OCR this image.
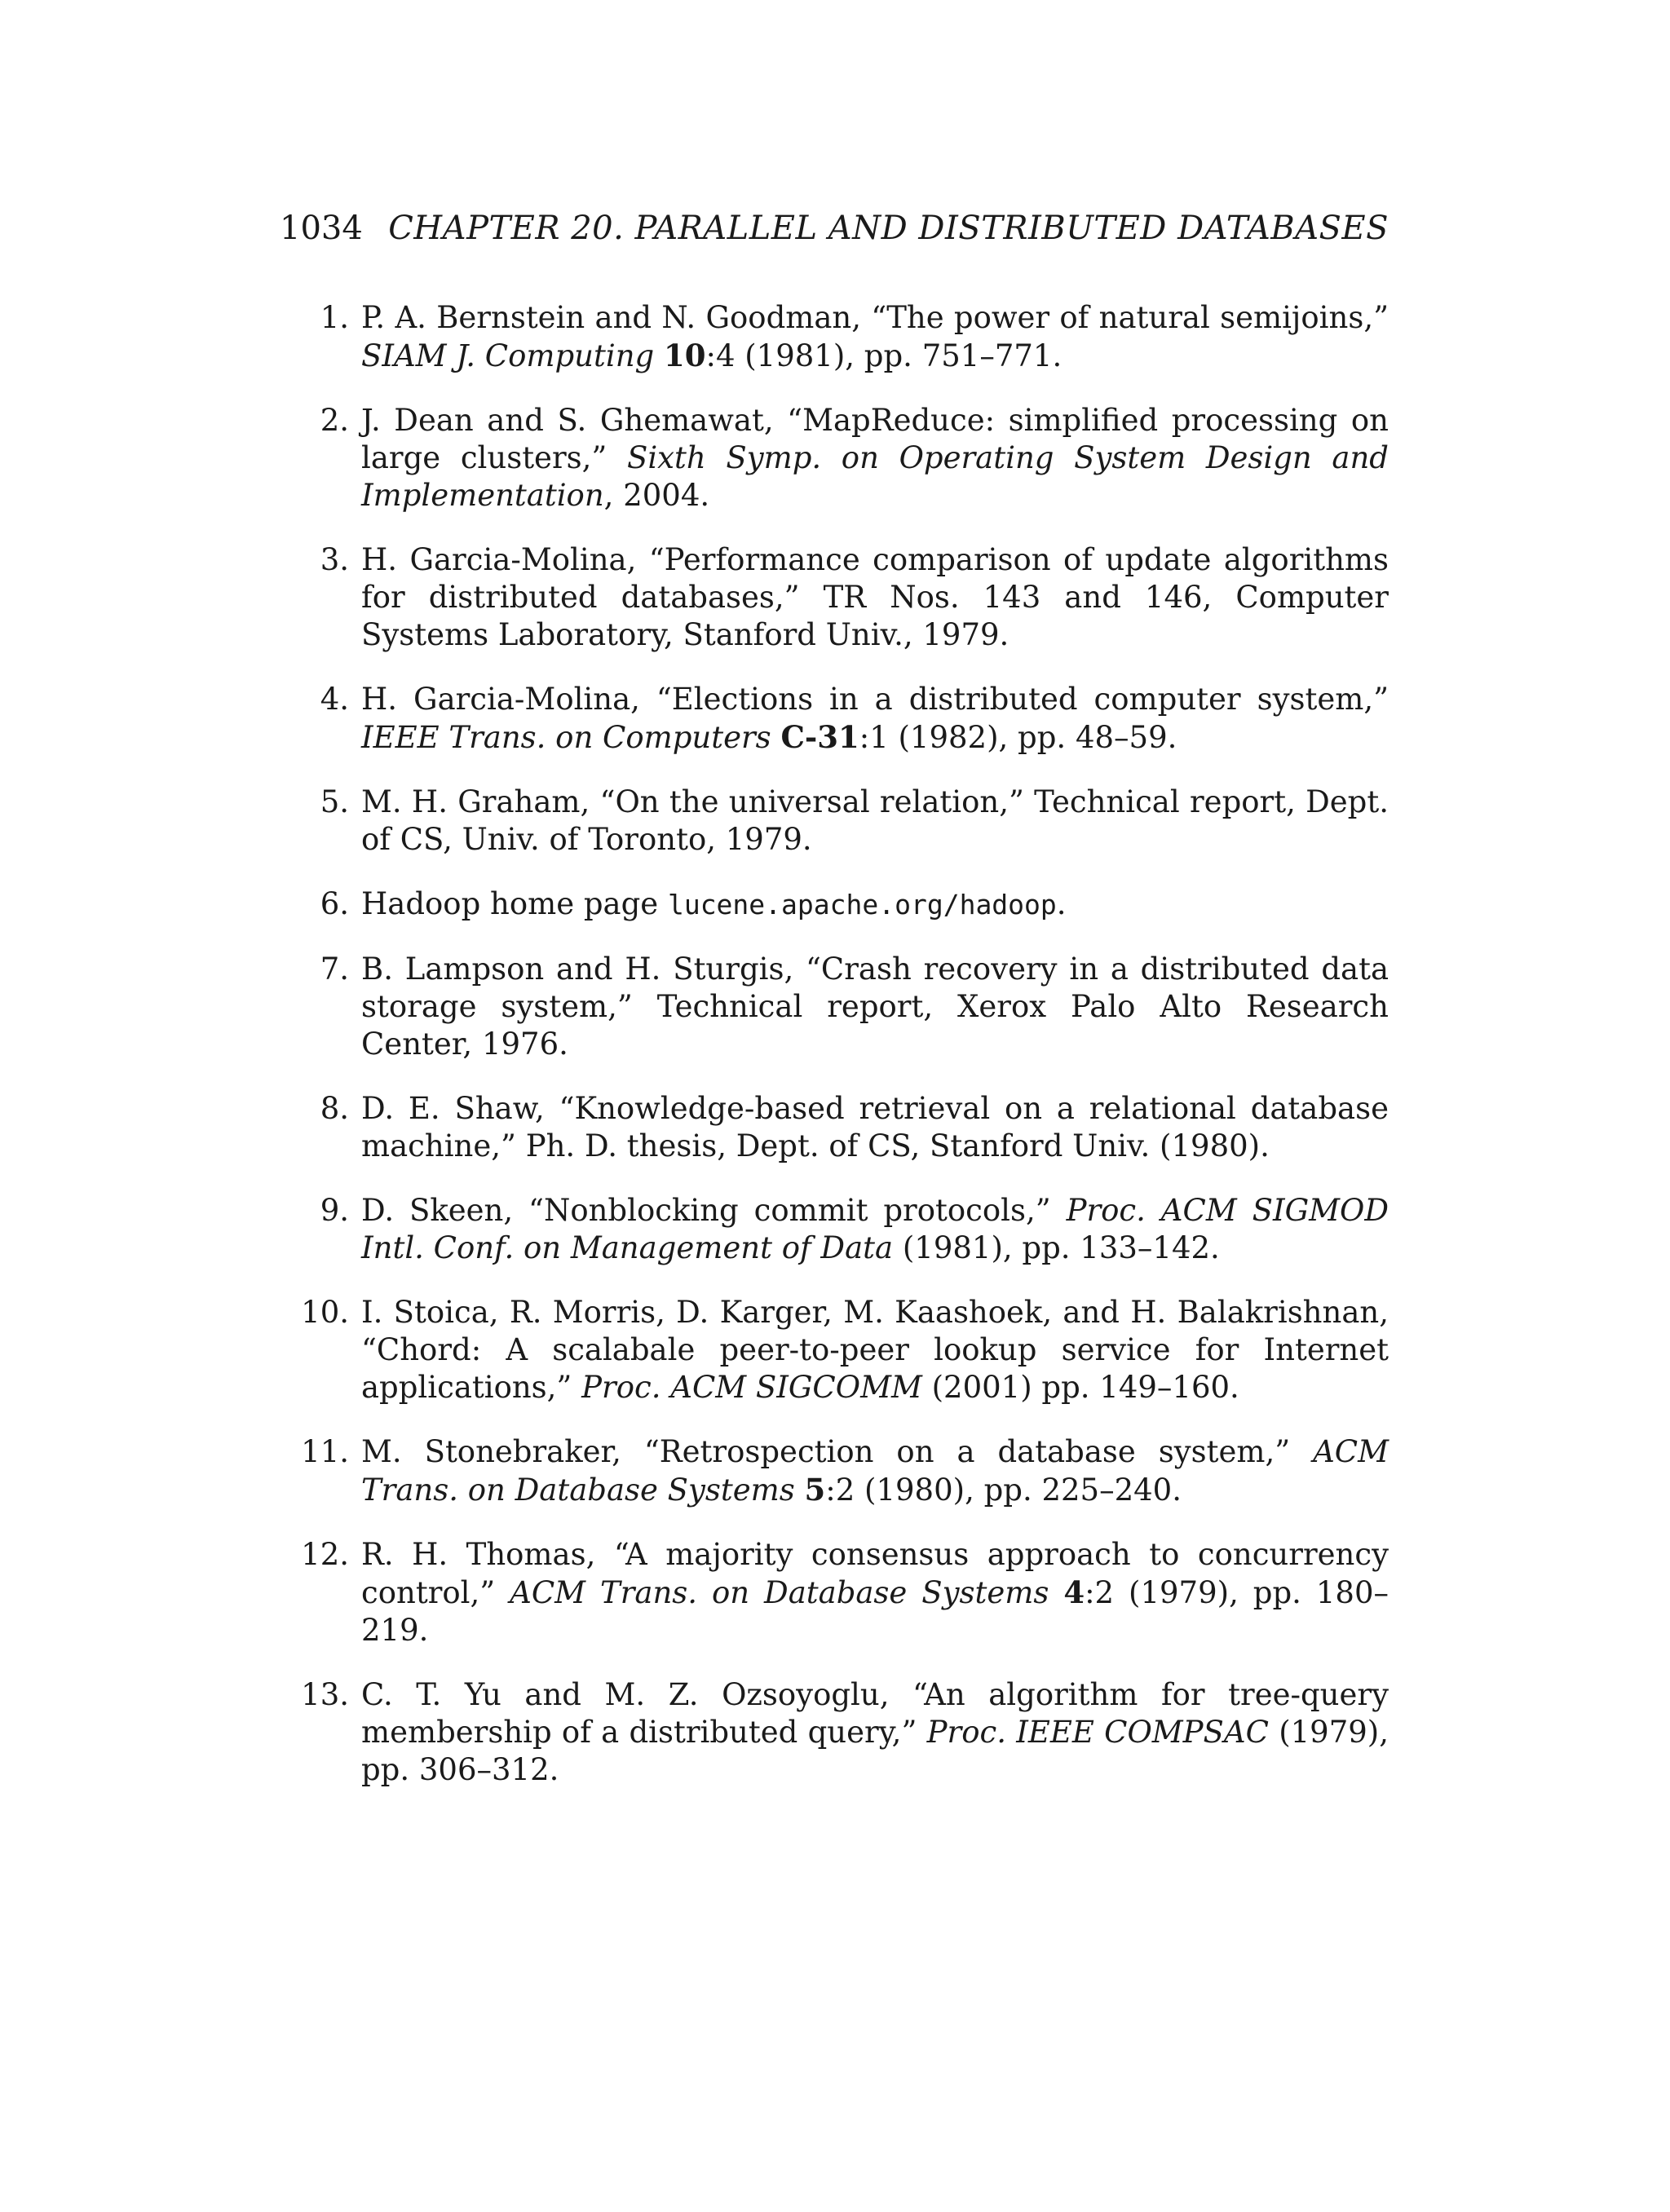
1034 CHAPTER 20. PARALLEL AND DISTRIBUTED DATABASES
1. P. A. Bernstein and N. Goodman, “The power of natural semijoins,” SIAM J. Computing 10:4 (1981), pp. 751–771.
2. J. Dean and S. Ghemawat, “MapReduce: simplified processing on large clusters,” Sixth Symp. on Operating System Design and Implementation, 2004.
3. H. Garcia-Molina, “Performance comparison of update algorithms for distributed databases,” TR Nos. 143 and 146, Computer Systems Laboratory, Stanford Univ., 1979.
4. H. Garcia-Molina, “Elections in a distributed computer system,” IEEE Trans. on Computers C-31:1 (1982), pp. 48–59.
5. M. H. Graham, “On the universal relation,” Technical report, Dept. of CS, Univ. of Toronto, 1979.
6. Hadoop home page lucene.apache.org/hadoop.
7. B. Lampson and H. Sturgis, “Crash recovery in a distributed data storage system,” Technical report, Xerox Palo Alto Research Center, 1976.
8. D. E. Shaw, “Knowledge-based retrieval on a relational database machine,” Ph. D. thesis, Dept. of CS, Stanford Univ. (1980).
9. D. Skeen, “Nonblocking commit protocols,” Proc. ACM SIGMOD Intl. Conf. on Management of Data (1981), pp. 133–142.
10. I. Stoica, R. Morris, D. Karger, M. Kaashoek, and H. Balakrishnan, “Chord: A scalabale peer-to-peer lookup service for Internet applications,” Proc. ACM SIGCOMM (2001) pp. 149–160.
11. M. Stonebraker, “Retrospection on a database system,” ACM Trans. on Database Systems 5:2 (1980), pp. 225–240.
12. R. H. Thomas, “A majority consensus approach to concurrency control,” ACM Trans. on Database Systems 4:2 (1979), pp. 180–219.
13. C. T. Yu and M. Z. Ozsoyoglu, “An algorithm for tree-query membership of a distributed query,” Proc. IEEE COMPSAC (1979), pp. 306–312.
